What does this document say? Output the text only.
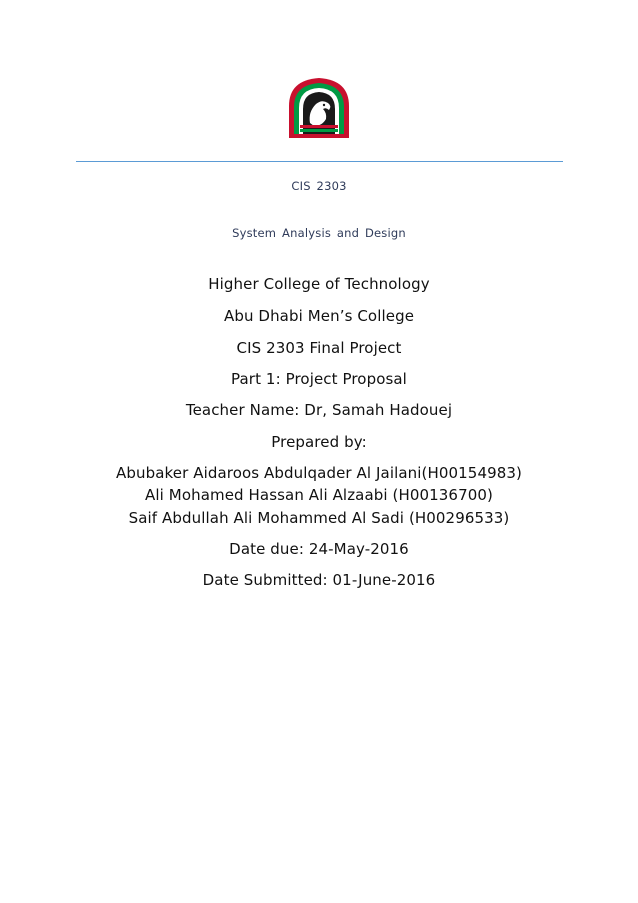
CIS 2303
System Analysis and Design
Higher College of Technology
Abu Dhabi Men’s College
CIS 2303 Final Project
Part 1: Project Proposal
Teacher Name: Dr, Samah Hadouej
Prepared by:
Abubaker Aidaroos Abdulqader Al Jailani(H00154983)
Ali Mohamed Hassan Ali Alzaabi (H00136700)
Saif Abdullah Ali Mohammed Al Sadi (H00296533)
Date due: 24-May-2016
Date Submitted: 01-June-2016
